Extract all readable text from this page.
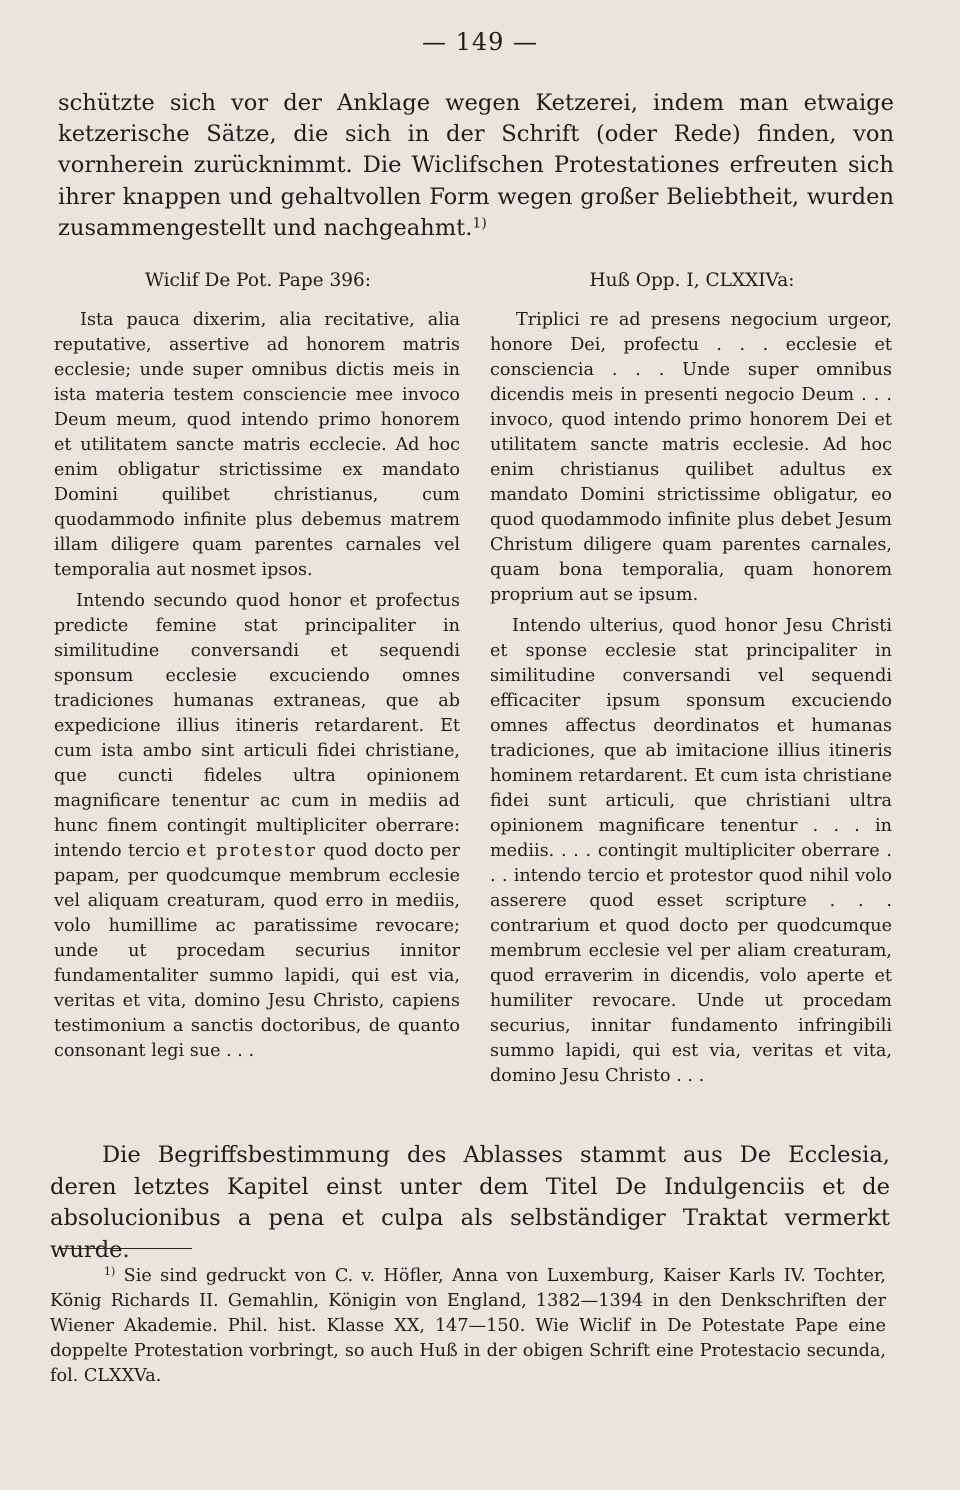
— 149 —

schützte sich vor der Anklage wegen Ketzerei, indem man etwaige ketzerische Sätze, die sich in der Schrift (oder Rede) finden, von vornherein zurücknimmt. Die Wiclifschen Protestationes erfreuten sich ihrer knappen und gehaltvollen Form wegen großer Beliebtheit, wurden zusammengestellt und nachgeahmt.$^{1)}$

Wiclif De Pot. Pape 396:	Huß Opp. I, CLXXIVa:

Ista pauca dixerim, alia recitative, alia reputative, assertive ad honorem matris ecclesie; unde super omnibus dictis meis in ista materia testem consciencie mee invoco Deum meum, quod intendo primo honorem et utilitatem sancte matris ecclecie. Ad hoc enim obligatur strictissime ex mandato Domini quilibet christianus, cum quodammodo infinite plus debemus matrem illam diligere quam parentes carnales vel temporalia aut nosmet ipsos.

Intendo secundo quod honor et profectus predicte femine stat principaliter in similitudine conversandi et sequendi sponsum ecclesie excuciendo omnes tradiciones humanas extraneas, que ab expedicione illius itineris retardarent. Et cum ista ambo sint articuli fidei christiane, que cuncti fideles ultra opinionem magnificare tenentur ac cum in mediis ad hunc finem contingit multipliciter oberrare: intendo tercio et protestor quod docto per papam, per quodcumque membrum ecclesie vel aliquam creaturam, quod erro in mediis, volo humillime ac paratissime revocare; unde ut procedam securius innitor fundamentaliter summo lapidi, qui est via, veritas et vita, domino Jesu Christo, capiens testimonium a sanctis doctoribus, de quanto consonant legi sue . . .

Triplici re ad presens negocium urgeor, honore Dei, profectu . . . ecclesie et consciencia . . . Unde super omnibus dicendis meis in presenti negocio Deum . . . invoco, quod intendo primo honorem Dei et utilitatem sancte matris ecclesie. Ad hoc enim christianus quilibet adultus ex mandato Domini strictissime obligatur, eo quod quodammodo infinite plus debet Jesum Christum diligere quam parentes carnales, quam bona temporalia, quam honorem proprium aut se ipsum.

Intendo ulterius, quod honor Jesu Christi et sponse ecclesie stat principaliter in similitudine conversandi vel sequendi efficaciter ipsum sponsum excuciendo omnes affectus deordinatos et humanas tradiciones, que ab imitacione illius itineris hominem retardarent. Et cum ista christiane fidei sunt articuli, que christiani ultra opinionem magnificare tenentur . . . in mediis. . . . contingit multipliciter oberrare . . . intendo tercio et protestor quod nihil volo asserere quod esset scripture . . . contrarium et quod docto per quodcumque membrum ecclesie vel per aliam creaturam, quod erraverim in dicendis, volo aperte et humiliter revocare. Unde ut procedam securius, innitar fundamento infringibili summo lapidi, qui est via, veritas et vita, domino Jesu Christo . . .

Die Begriffsbestimmung des Ablasses stammt aus De Ecclesia, deren letztes Kapitel einst unter dem Titel De Indulgenciis et de absolucionibus a pena et culpa als selbständiger Traktat vermerkt wurde.

$^{1)}$ Sie sind gedruckt von C. v. Höfler, Anna von Luxemburg, Kaiser Karls IV. Tochter, König Richards II. Gemahlin, Königin von England, 1382—1394 in den Denkschriften der Wiener Akademie. Phil. hist. Klasse XX, 147—150. Wie Wiclif in De Potestate Pape eine doppelte Protestation vorbringt, so auch Huß in der obigen Schrift eine Protestacio secunda, fol. CLXXVa.
